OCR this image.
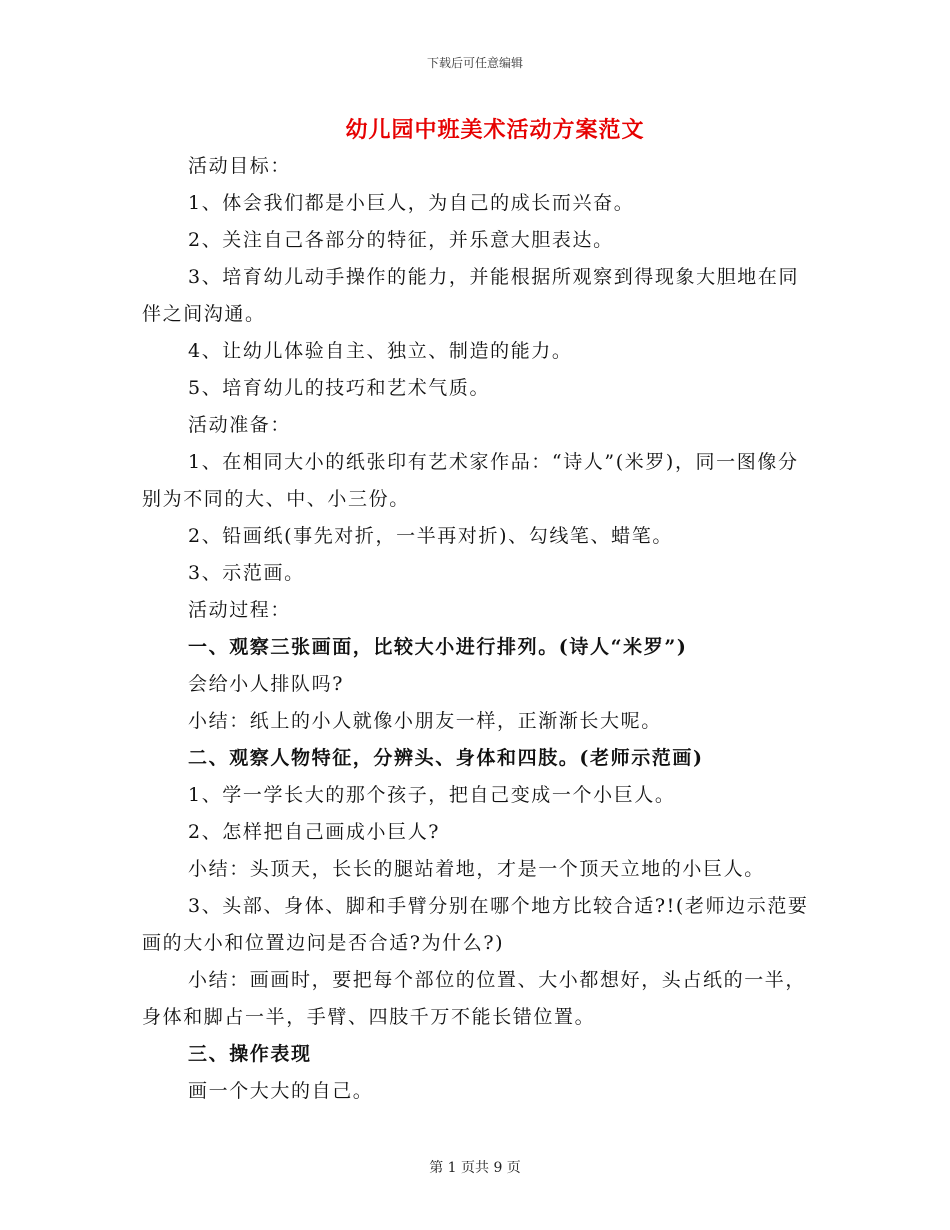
下载后可任意编辑
幼儿园中班美术活动方案范文

活动目标：

1、体会我们都是小巨人，为自己的成长而兴奋。

2、关注自己各部分的特征，并乐意大胆表达。

3、培育幼儿动手操作的能力，并能根据所观察到得现象大胆地在同伴之间沟通。

4、让幼儿体验自主、独立、制造的能力。

5、培育幼儿的技巧和艺术气质。

活动准备：

1、在相同大小的纸张印有艺术家作品：“诗人”(米罗)，同一图像分别为不同的大、中、小三份。

2、铅画纸(事先对折，一半再对折)、勾线笔、蜡笔。

3、示范画。

活动过程：

一、观察三张画面，比较大小进行排列。(诗人“米罗”)

会给小人排队吗?

小结：纸上的小人就像小朋友一样，正渐渐长大呢。

二、观察人物特征，分辨头、身体和四肢。(老师示范画)

1、学一学长大的那个孩子，把自己变成一个小巨人。

2、怎样把自己画成小巨人?

小结：头顶天，长长的腿站着地，才是一个顶天立地的小巨人。

3、头部、身体、脚和手臂分别在哪个地方比较合适?!(老师边示范要画的大小和位置边问是否合适?为什么?)

小结：画画时，要把每个部位的位置、大小都想好，头占纸的一半，身体和脚占一半，手臂、四肢千万不能长错位置。

三、操作表现

画一个大大的自己。

第 1 页共 9 页
